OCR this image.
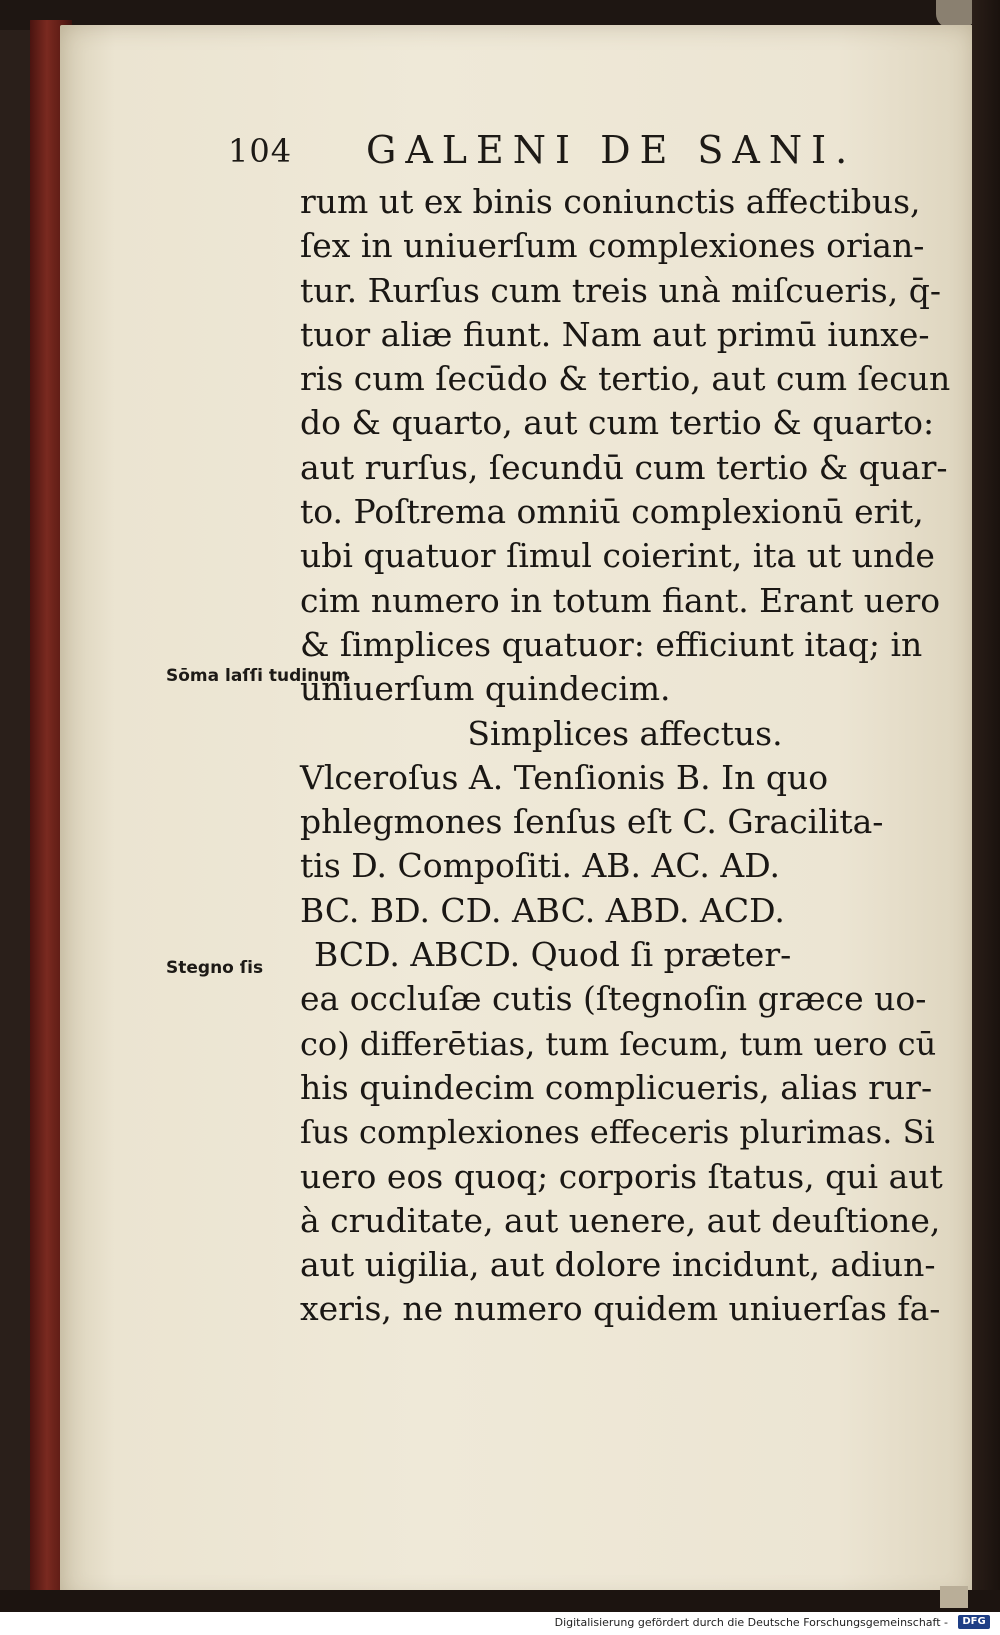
104 GALENI DE SANI.
Sōma laſſi tudinum
Stegno ſis
rum ut ex binis coniunctis affectibus,
ſex in uniuerſum complexiones orian-
tur. Rurſus cum treis unà miſcueris, q̄-
tuor aliæ fiunt. Nam aut primū iunxe-
ris cum ſecūdo & tertio, aut cum ſecun
do & quarto, aut cum tertio & quarto:
aut rurſus, ſecundū cum tertio & quar-
to. Poſtrema omniū complexionū erit,
ubi quatuor ſimul coierint, ita ut unde
cim numero in totum fiant. Erant uero
& ſimplices quatuor: efficiunt itaq; in
uniuerſum quindecim.
Simplices affectus.
Vlceroſus A. Tenſionis B. In quo
phlegmones ſenſus eſt C. Gracilita-
tis D. Compoſiti. AB. AC. AD.
BC. BD. CD. ABC. ABD. ACD.
BCD. ABCD. Quod ſi præter-
ea occluſæ cutis (ſtegnoſin græce uo-
co) differētias, tum ſecum, tum uero cū
his quindecim complicueris, alias rur-
ſus complexiones effeceris plurimas. Si
uero eos quoq; corporis ſtatus, qui aut
à cruditate, aut uenere, aut deuſtione,
aut uigilia, aut dolore incidunt, adiun-
xeris, ne numero quidem uniuerſas fa-
Digitalisierung gefördert durch die Deutsche Forschungsgemeinschaft -	DFG
